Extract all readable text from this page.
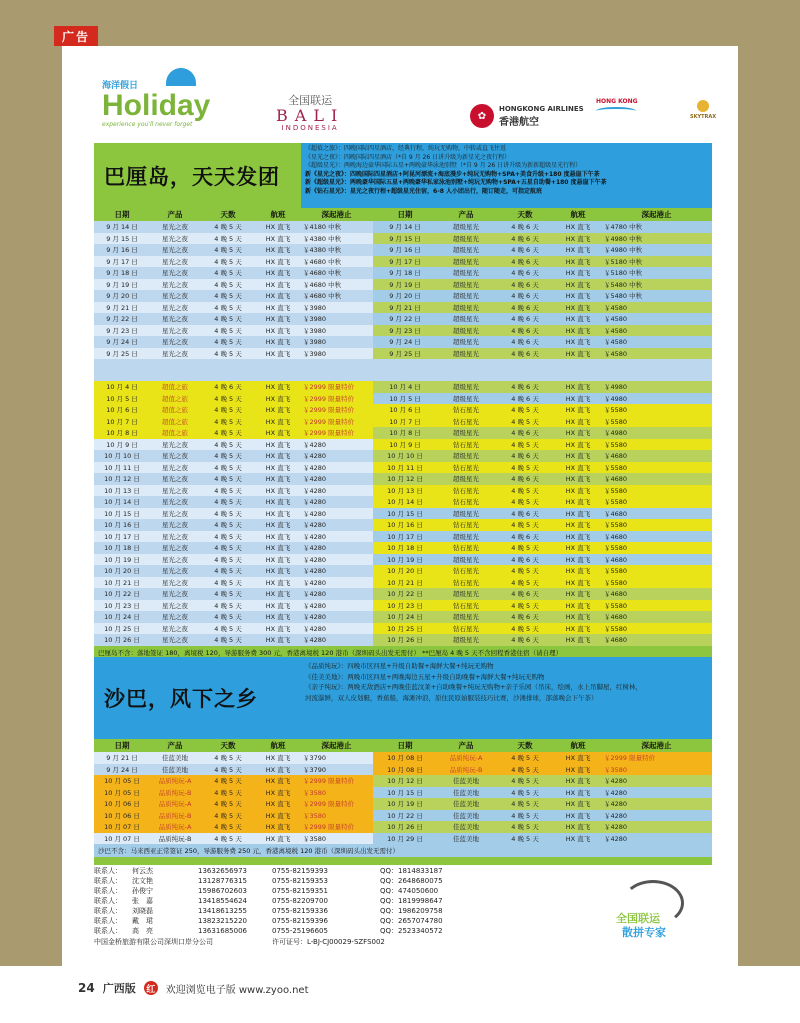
广告
海洋假日
Holiday
experience you'll never forget
全国联运
BALI
INDONESIA
✿
HONGKONG AIRLINES
香港航空
HONG KONG
SKYTRAX
巴厘岛，天天发团
《超值之旅》：四晚国际四星酒店，经典行程，纯玩无购物，中转或直飞往返
《星光之夜》：四晚国际四星酒店（*自 9 月 26 日讲升级为新星光之夜行程）
《超级星光》：两晚海边豪华国际五星+两晚豪华泳池别墅（*自 9 月 26 日讲升级为新新超级星光行程）
新《星光之夜》：四晚国际四星酒店+阿昆河漂流+海底漫步+纯玩无购物+SPA+美食升级+180 度悬崖下午茶
新《超级星光》：两晚豪华国际五星+两晚豪华私家泳池别墅+纯玩无购物+SPA+五星自助餐+180 度悬崖下午茶
新《钻石星光》：星光之夜行程+超级星光住宿，6-8 人小团出行，随订随走，可指定航班
日期	产品	天数	航班	深起港止	日期	产品	天数	航班	深起港止
9 月 14 日	星光之夜	4 晚 5 天	HX 直飞	￥4180 中秋	9 月 14 日	超级星光	4 晚 6 天	HX 直飞	￥4780 中秋
9 月 15 日	星光之夜	4 晚 5 天	HX 直飞	￥4380 中秋	9 月 15 日	超级星光	4 晚 6 天	HX 直飞	￥4980 中秋
9 月 16 日	星光之夜	4 晚 5 天	HX 直飞	￥4380 中秋	9 月 16 日	超级星光	4 晚 6 天	HX 直飞	￥4980 中秋
9 月 17 日	星光之夜	4 晚 5 天	HX 直飞	￥4680 中秋	9 月 17 日	超级星光	4 晚 6 天	HX 直飞	￥5180 中秋
9 月 18 日	星光之夜	4 晚 5 天	HX 直飞	￥4680 中秋	9 月 18 日	超级星光	4 晚 6 天	HX 直飞	￥5180 中秋
9 月 19 日	星光之夜	4 晚 5 天	HX 直飞	￥4680 中秋	9 月 19 日	超级星光	4 晚 6 天	HX 直飞	￥5480 中秋
9 月 20 日	星光之夜	4 晚 5 天	HX 直飞	￥4680 中秋	9 月 20 日	超级星光	4 晚 6 天	HX 直飞	￥5480 中秋
9 月 21 日	星光之夜	4 晚 5 天	HX 直飞	￥3980	9 月 21 日	超级星光	4 晚 6 天	HX 直飞	￥4580
9 月 22 日	星光之夜	4 晚 5 天	HX 直飞	￥3980	9 月 22 日	超级星光	4 晚 6 天	HX 直飞	￥4580
9 月 23 日	星光之夜	4 晚 5 天	HX 直飞	￥3980	9 月 23 日	超级星光	4 晚 6 天	HX 直飞	￥4580
9 月 24 日	星光之夜	4 晚 5 天	HX 直飞	￥3980	9 月 24 日	超级星光	4 晚 6 天	HX 直飞	￥4580
9 月 25 日	星光之夜	4 晚 5 天	HX 直飞	￥3980	9 月 25 日	超级星光	4 晚 6 天	HX 直飞	￥4580
10 月 4 日	超值之旅	4 晚 6 天	HX 直飞	￥2999 限量特价	10 月 4 日	超级星光	4 晚 6 天	HX 直飞	￥4980
10 月 5 日	超值之旅	4 晚 5 天	HX 直飞	￥2999 限量特价	10 月 5 日	超级星光	4 晚 6 天	HX 直飞	￥4980
10 月 6 日	超值之旅	4 晚 5 天	HX 直飞	￥2999 限量特价	10 月 6 日	钻石星光	4 晚 5 天	HX 直飞	￥5580
10 月 7 日	超值之旅	4 晚 5 天	HX 直飞	￥2999 限量特价	10 月 7 日	钻石星光	4 晚 5 天	HX 直飞	￥5580
10 月 8 日	超值之旅	4 晚 5 天	HX 直飞	￥2999 限量特价	10 月 8 日	超级星光	4 晚 6 天	HX 直飞	￥4980
10 月 9 日	星光之夜	4 晚 5 天	HX 直飞	￥4280	10 月 9 日	钻石星光	4 晚 5 天	HX 直飞	￥5580
10 月 10 日	星光之夜	4 晚 5 天	HX 直飞	￥4280	10 月 10 日	超级星光	4 晚 6 天	HX 直飞	￥4680
10 月 11 日	星光之夜	4 晚 5 天	HX 直飞	￥4280	10 月 11 日	钻石星光	4 晚 5 天	HX 直飞	￥5580
10 月 12 日	星光之夜	4 晚 5 天	HX 直飞	￥4280	10 月 12 日	超级星光	4 晚 6 天	HX 直飞	￥4680
10 月 13 日	星光之夜	4 晚 5 天	HX 直飞	￥4280	10 月 13 日	钻石星光	4 晚 5 天	HX 直飞	￥5580
10 月 14 日	星光之夜	4 晚 5 天	HX 直飞	￥4280	10 月 14 日	钻石星光	4 晚 5 天	HX 直飞	￥5580
10 月 15 日	星光之夜	4 晚 5 天	HX 直飞	￥4280	10 月 15 日	超级星光	4 晚 6 天	HX 直飞	￥4680
10 月 16 日	星光之夜	4 晚 5 天	HX 直飞	￥4280	10 月 16 日	钻石星光	4 晚 5 天	HX 直飞	￥5580
10 月 17 日	星光之夜	4 晚 5 天	HX 直飞	￥4280	10 月 17 日	超级星光	4 晚 6 天	HX 直飞	￥4680
10 月 18 日	星光之夜	4 晚 5 天	HX 直飞	￥4280	10 月 18 日	钻石星光	4 晚 5 天	HX 直飞	￥5580
10 月 19 日	星光之夜	4 晚 5 天	HX 直飞	￥4280	10 月 19 日	超级星光	4 晚 6 天	HX 直飞	￥4680
10 月 20 日	星光之夜	4 晚 5 天	HX 直飞	￥4280	10 月 20 日	钻石星光	4 晚 5 天	HX 直飞	￥5580
10 月 21 日	星光之夜	4 晚 5 天	HX 直飞	￥4280	10 月 21 日	钻石星光	4 晚 5 天	HX 直飞	￥5580
10 月 22 日	星光之夜	4 晚 5 天	HX 直飞	￥4280	10 月 22 日	超级星光	4 晚 6 天	HX 直飞	￥4680
10 月 23 日	星光之夜	4 晚 5 天	HX 直飞	￥4280	10 月 23 日	钻石星光	4 晚 5 天	HX 直飞	￥5580
10 月 24 日	星光之夜	4 晚 5 天	HX 直飞	￥4280	10 月 24 日	超级星光	4 晚 6 天	HX 直飞	￥4680
10 月 25 日	星光之夜	4 晚 5 天	HX 直飞	￥4280	10 月 25 日	钻石星光	4 晚 5 天	HX 直飞	￥5580
10 月 26 日	星光之夜	4 晚 5 天	HX 直飞	￥4280	10 月 26 日	超级星光	4 晚 6 天	HX 直飞	￥4680
巴厘岛不含：落地签证 180，离境税 120，导游服务费 300 元，香港离境税 120 港币（深圳码头出发无需付） **巴厘岛 4 晚 5 天不含回程香港住宿（请自理）
沙巴，风下之乡
《品质纯玩》：四晚市区四星+升级自助餐+海鲜大餐+纯玩无购物
《佳美美地》：两晚市区四星+两晚海边五星+升级自助晚餐+海鲜大餐+纯玩无购物
《亲子纯玩》：两晚无敌酒店+两晚佳蓝汶莱+自助晚餐+纯玩无购物+亲子乐园（吊床，绘画，水上吊脚屋，红树林，
河流瀑鲜，双人皮划艇，香蕉船，海滩冲浪，原住民原始服装技巧比赛，沙滩排球，部落晚会下午茶）
日期	产品	天数	航班	深起港止	日期	产品	天数	航班	深起港止
9 月 21 日	佳蓝美地	4 晚 5 天	HX 直飞	￥3790	10 月 08 日	品质纯玩-A	4 晚 5 天	HX 直飞	￥2999 限量特价
9 月 24 日	佳蓝美地	4 晚 5 天	HX 直飞	￥3790	10 月 08 日	品质纯玩-B	4 晚 5 天	HX 直飞	￥3580
10 月 05 日	品质纯玩-A	4 晚 5 天	HX 直飞	￥2999 限量特价	10 月 12 日	佳蓝美地	4 晚 5 天	HX 直飞	￥4280
10 月 05 日	品质纯玩-B	4 晚 5 天	HX 直飞	￥3580	10 月 15 日	佳蓝美地	4 晚 5 天	HX 直飞	￥4280
10 月 06 日	品质纯玩-A	4 晚 5 天	HX 直飞	￥2999 限量特价	10 月 19 日	佳蓝美地	4 晚 5 天	HX 直飞	￥4280
10 月 06 日	品质纯玩-B	4 晚 5 天	HX 直飞	￥3580	10 月 22 日	佳蓝美地	4 晚 5 天	HX 直飞	￥4280
10 月 07 日	品质纯玩-A	4 晚 5 天	HX 直飞	￥2999 限量特价	10 月 26 日	佳蓝美地	4 晚 5 天	HX 直飞	￥4280
10 月 07 日	品质纯玩-B	4 晚 5 天	HX 直飞	￥3580	10 月 29 日	佳蓝美地	4 晚 5 天	HX 直飞	￥4280
沙巴不含：马来西亚正常签证 250，导游服务费 250 元，香港离境税 120 港币（深圳码头出发无需付）
联系人：	何云杰	13632656973	0755-82159393	QQ：1814833187
联系人：	沈文艳	13128776315	0755-82159353	QQ：2648680075
联系人：	孙俊宁	15986702603	0755-82159351	QQ：474050600
联系人：	张　嘉	13418554624	0755-82209700	QQ：1819998647
联系人：	刘晓磊	13418613255	0755-82159336	QQ：1986209758
联系人：	戴　珺	13823215220	0755-82159396	QQ：2657074780
联系人：	高　亮	13631685006	0755-25196605	QQ：2523340572
中国金桥旅游有限公司深圳口岸分公司	许可证号：L-BJ-CJ00029-SZFS002
全国联运
散拼专家
24 广西版 红 欢迎浏览电子版 www.zyoo.net
